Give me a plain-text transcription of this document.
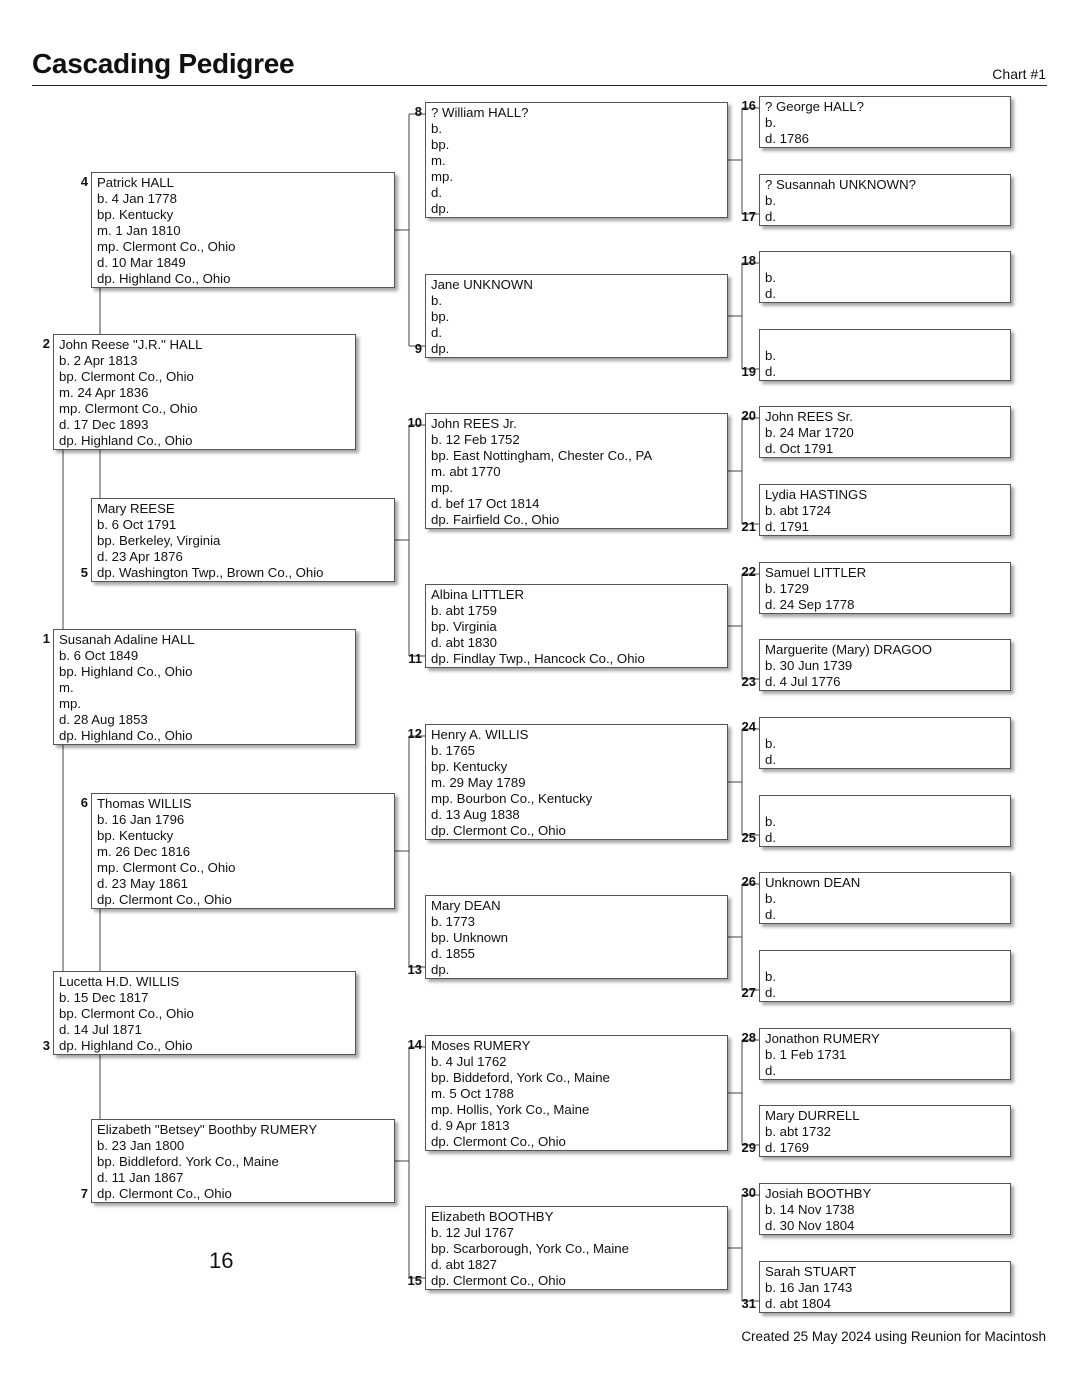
Cascading Pedigree	Chart #1
Susanah Adaline HALL
b. 6 Oct 1849
bp. Highland Co., Ohio
m.
mp.
d. 28 Aug 1853
dp. Highland Co., Ohio
1
John Reese "J.R." HALL
b. 2 Apr 1813
bp. Clermont Co., Ohio
m. 24 Apr 1836
mp. Clermont Co., Ohio
d. 17 Dec 1893
dp. Highland Co., Ohio
2
Lucetta H.D. WILLIS
b. 15 Dec 1817
bp. Clermont Co., Ohio
d. 14 Jul 1871
dp. Highland Co., Ohio
3
Patrick HALL
b. 4 Jan 1778
bp. Kentucky
m. 1 Jan 1810
mp. Clermont Co., Ohio
d. 10 Mar 1849
dp. Highland Co., Ohio
4
Mary REESE
b. 6 Oct 1791
bp. Berkeley, Virginia
d. 23 Apr 1876
dp. Washington Twp., Brown Co., Ohio
5
Thomas WILLIS
b. 16 Jan 1796
bp. Kentucky
m. 26 Dec 1816
mp. Clermont Co., Ohio
d. 23 May 1861
dp. Clermont Co., Ohio
6
Elizabeth "Betsey" Boothby RUMERY
b. 23 Jan 1800
bp. Biddleford. York Co., Maine
d. 11 Jan 1867
dp. Clermont Co., Ohio
7
? William HALL?
b.
bp.
m.
mp.
d.
dp.
8
Jane UNKNOWN
b.
bp.
d.
dp.
9
John REES Jr.
b. 12 Feb 1752
bp. East Nottingham, Chester Co., PA
m. abt 1770
mp.
d. bef 17 Oct 1814
dp. Fairfield Co., Ohio
10
Albina LITTLER
b. abt 1759
bp. Virginia
d. abt 1830
dp. Findlay Twp., Hancock Co., Ohio
11
Henry A. WILLIS
b. 1765
bp. Kentucky
m. 29 May 1789
mp. Bourbon Co., Kentucky
d. 13 Aug 1838
dp. Clermont Co., Ohio
12
Mary DEAN
b. 1773
bp. Unknown
d. 1855
dp.
13
Moses RUMERY
b. 4 Jul 1762
bp. Biddeford, York Co., Maine
m. 5 Oct 1788
mp. Hollis, York Co., Maine
d. 9 Apr 1813
dp. Clermont Co., Ohio
14
Elizabeth BOOTHBY
b. 12 Jul 1767
bp. Scarborough, York Co., Maine
d. abt 1827
dp. Clermont Co., Ohio
15
? George HALL?
b.
d. 1786
16
? Susannah UNKNOWN?
b.
d.
17

b.
d.
18

b.
d.
19
John REES Sr.
b. 24 Mar 1720
d. Oct 1791
20
Lydia HASTINGS
b. abt 1724
d. 1791
21
Samuel LITTLER
b. 1729
d. 24 Sep 1778
22
Marguerite (Mary) DRAGOO
b. 30 Jun 1739
d. 4 Jul 1776
23

b.
d.
24

b.
d.
25
Unknown DEAN
b.
d.
26

b.
d.
27
Jonathon RUMERY
b. 1 Feb 1731
d.
28
Mary DURRELL
b. abt 1732
d. 1769
29
Josiah BOOTHBY
b. 14 Nov 1738
d. 30 Nov 1804
30
Sarah STUART
b. 16 Jan 1743
d. abt 1804
31
16
Created 25 May 2024 using Reunion for Macintosh
